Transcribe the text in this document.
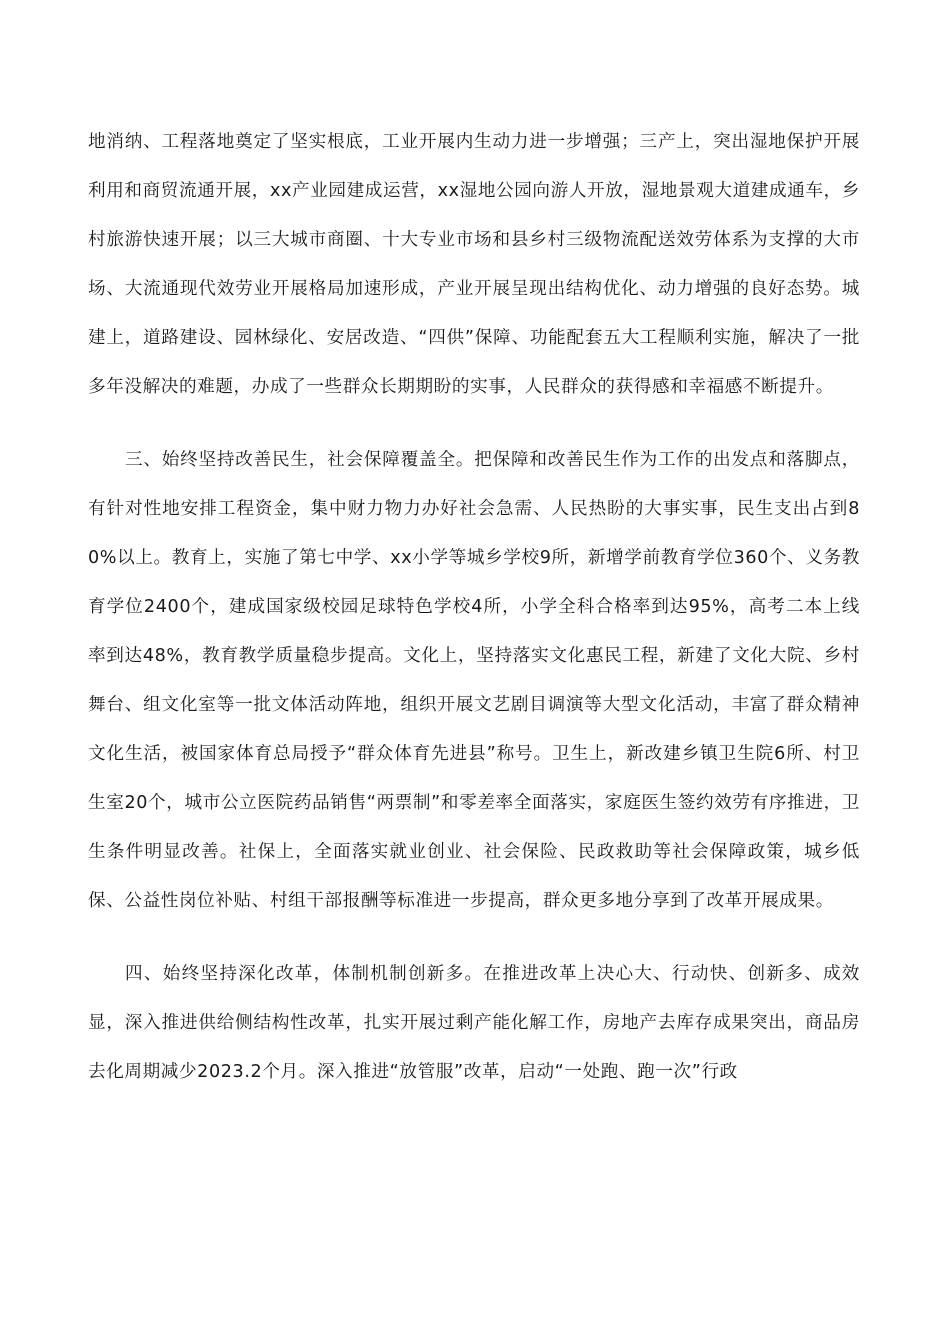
地消纳、工程落地奠定了坚实根底，工业开展内生动力进一步增强；三产上，突出湿地保护开展利用和商贸流通开展，xx产业园建成运营，xx湿地公园向游人开放，湿地景观大道建成通车，乡村旅游快速开展；以三大城市商圈、十大专业市场和县乡村三级物流配送效劳体系为支撑的大市场、大流通现代效劳业开展格局加速形成，产业开展呈现出结构优化、动力增强的良好态势。城建上，道路建设、园林绿化、安居改造、“四供”保障、功能配套五大工程顺利实施，解决了一批多年没解决的难题，办成了一些群众长期期盼的实事，人民群众的获得感和幸福感不断提升。

三、始终坚持改善民生，社会保障覆盖全。把保障和改善民生作为工作的出发点和落脚点，有针对性地安排工程资金，集中财力物力办好社会急需、人民热盼的大事实事，民生支出占到80%以上。教育上，实施了第七中学、xx小学等城乡学校9所，新增学前教育学位360个、义务教育学位2400个，建成国家级校园足球特色学校4所，小学全科合格率到达95%，高考二本上线率到达48%，教育教学质量稳步提高。文化上，坚持落实文化惠民工程，新建了文化大院、乡村舞台、组文化室等一批文体活动阵地，组织开展文艺剧目调演等大型文化活动，丰富了群众精神文化生活，被国家体育总局授予“群众体育先进县”称号。卫生上，新改建乡镇卫生院6所、村卫生室20个，城市公立医院药品销售“两票制”和零差率全面落实，家庭医生签约效劳有序推进，卫生条件明显改善。社保上，全面落实就业创业、社会保险、民政救助等社会保障政策，城乡低保、公益性岗位补贴、村组干部报酬等标准进一步提高，群众更多地分享到了改革开展成果。

四、始终坚持深化改革，体制机制创新多。在推进改革上决心大、行动快、创新多、成效显，深入推进供给侧结构性改革，扎实开展过剩产能化解工作，房地产去库存成果突出，商品房去化周期减少2023.2个月。深入推进“放管服”改革，启动“一处跑、跑一次”行政
